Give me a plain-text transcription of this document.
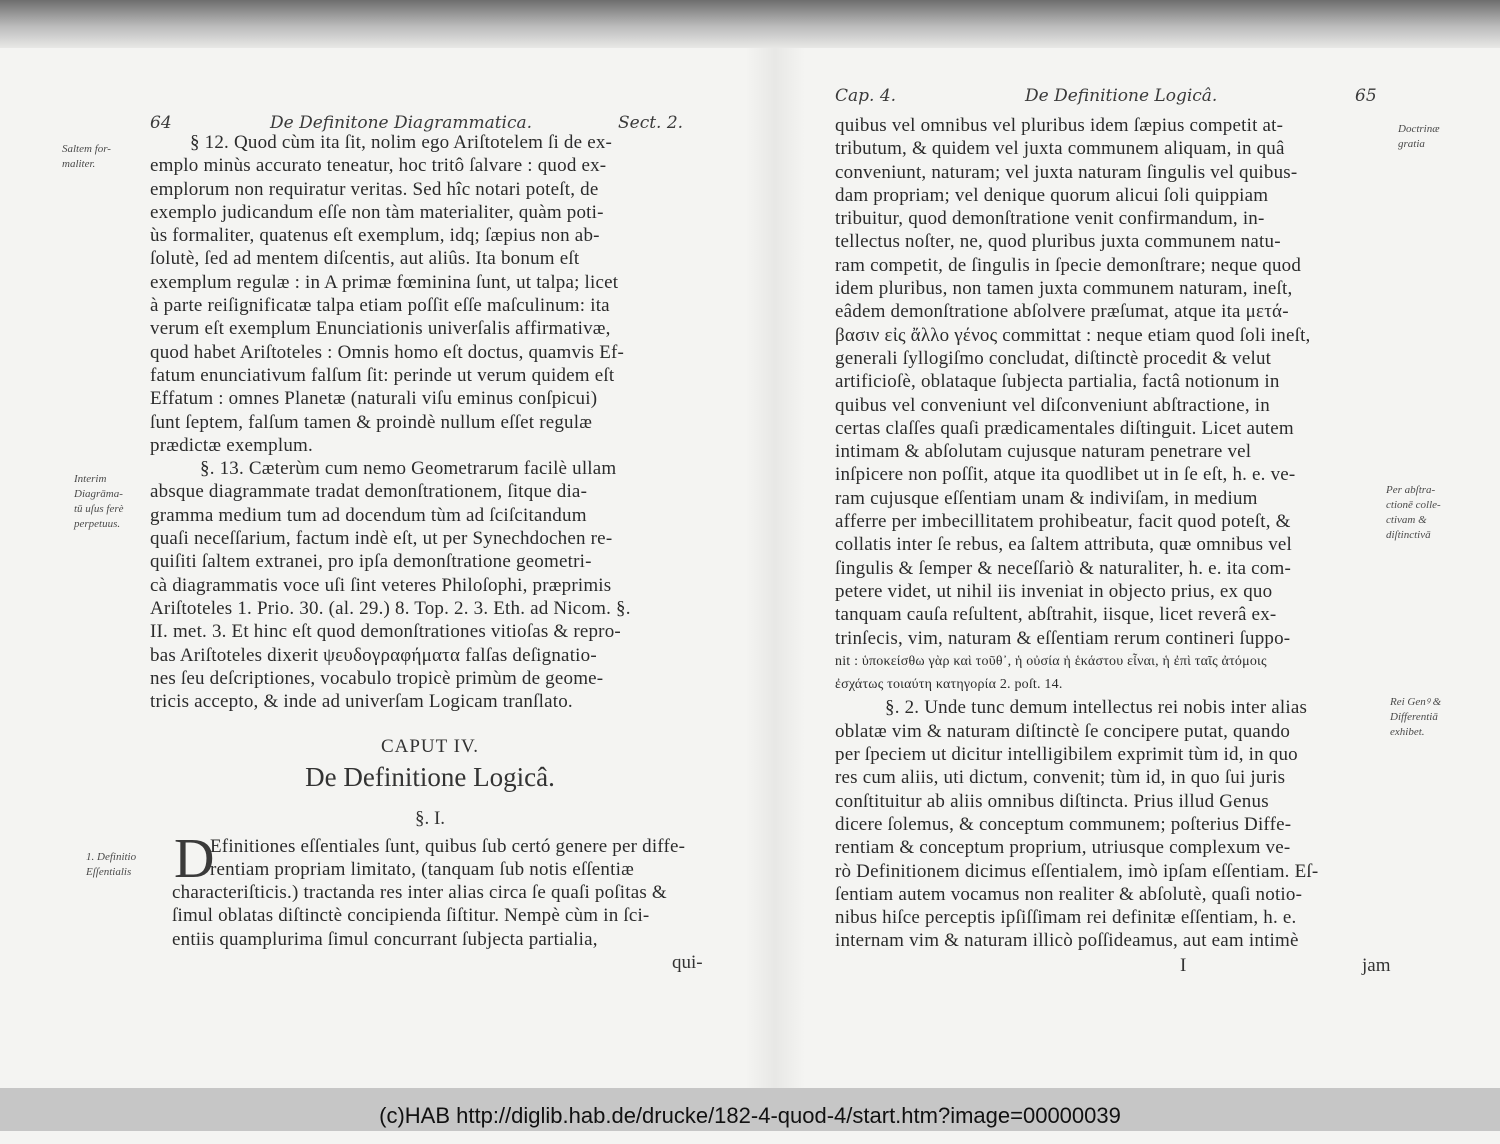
64	De Definitone Diagrammatica.	Sect. 2.
§ 12. Quod cùm ita ſit, nolim ego Ariſtotelem ſi de ex-
emplo minùs accurato teneatur, hoc tritô ſalvare : quod ex-
emplorum non requiratur veritas. Sed hîc notari poteſt, de
exemplo judicandum eſſe non tàm materialiter, quàm poti-
ùs formaliter, quatenus eſt exemplum, idq; ſæpius non ab-
ſolutè, ſed ad mentem diſcentis, aut aliûs. Ita bonum eſt
exemplum regulæ : in A primæ fœminina ſunt, ut talpa; licet
à parte reiſignificatæ talpa etiam poſſit eſſe maſculinum: ita
verum eſt exemplum Enunciationis univerſalis affirmativæ,
quod habet Ariſtoteles : Omnis homo eſt doctus, quamvis Ef-
fatum enunciativum falſum ſit: perinde ut verum quidem eſt
Effatum : omnes Planetæ (naturali viſu eminus conſpicui)
ſunt ſeptem, falſum tamen & proindè nullum eſſet regulæ
prædictæ exemplum.
§. 13. Cæterùm cum nemo Geometrarum facilè ullam
absque diagrammate tradat demonſtrationem, ſitque dia-
gramma medium tum ad docendum tùm ad ſciſcitandum
quaſi neceſſarium, factum indè eſt, ut per Synechdochen re-
quiſiti ſaltem extranei, pro ipſa demonſtratione geometri-
cà diagrammatis voce uſi ſint veteres Philoſophi, præprimis
Ariſtoteles 1. Prio. 30. (al. 29.) 8. Top. 2. 3. Eth. ad Nicom. §.
II. met. 3. Et hinc eſt quod demonſtrationes vitioſas & repro-
bas Ariſtoteles dixerit ψευδογραφήματα falſas deſignatio-
nes ſeu deſcriptiones, vocabulo tropicè primùm de geome-
tricis accepto, & inde ad univerſam Logicam tranſlato.
CAPUT IV.
De Definitione Logicâ.
§. I.
D
Efinitiones eſſentiales ſunt, quibus ſub certó genere per diffe-
rentiam propriam limitato, (tanquam ſub notis eſſentiæ
characteriſticis.) tractanda res inter alias circa ſe quaſi poſitas &
ſimul oblatas diſtinctè concipienda ſiſtitur. Nempè cùm in ſci-
entiis quamplurima ſimul concurrant ſubjecta partialia,
qui-
Saltem for-
maliter.
Interim
Diagrāma-
tū uſus ferè
perpetuus.
1. Definitio
Eſſentialis
Cap. 4.	De Definitione Logicâ.	65
quibus vel omnibus vel pluribus idem ſæpius competit at-
tributum, & quidem vel juxta communem aliquam, in quâ
conveniunt, naturam; vel juxta naturam ſingulis vel quibus-
dam propriam; vel denique quorum alicui ſoli quippiam
tribuitur, quod demonſtratione venit confirmandum, in-
tellectus noſter, ne, quod pluribus juxta communem natu-
ram competit, de ſingulis in ſpecie demonſtrare; neque quod
idem pluribus, non tamen juxta communem naturam, ineſt,
eâdem demonſtratione abſolvere præſumat, atque ita μετά-
βασιν εἰς ἄλλο γένος committat : neque etiam quod ſoli ineſt,
generali ſyllogiſmo concludat, diſtinctè procedit & velut
artificioſè, oblataque ſubjecta partialia, factâ notionum in
quibus vel conveniunt vel diſconveniunt abſtractione, in
certas claſſes quaſi prædicamentales diſtinguit. Licet autem
intimam & abſolutam cujusque naturam penetrare vel
inſpicere non poſſit, atque ita quodlibet ut in ſe eſt, h. e. ve-
ram cujusque eſſentiam unam & indiviſam, in medium
afferre per imbecillitatem prohibeatur, facit quod poteſt, &
collatis inter ſe rebus, ea ſaltem attributa, quæ omnibus vel
ſingulis & ſemper & neceſſariò & naturaliter, h. e. ita com-
petere videt, ut nihil iis inveniat in objecto prius, ex quo
tanquam cauſa reſultent, abſtrahit, iisque, licet reverâ ex-
trinſecis, vim, naturam & eſſentiam rerum contineri ſuppo-
nit : ὑποκείσθω γὰρ καὶ τοῦθ᾽, ἡ οὐσία ἡ ἑκάστου εἶναι, ἡ ἐπὶ ταῖς ἀτόμοις
ἐσχάτως τοιαύτη κατηγορία 2. poſt. 14.
§. 2. Unde tunc demum intellectus rei nobis inter alias
oblatæ vim & naturam diſtinctè ſe concipere putat, quando
per ſpeciem ut dicitur intelligibilem exprimit tùm id, in quo
res cum aliis, uti dictum, convenit; tùm id, in quo ſui juris
conſtituitur ab aliis omnibus diſtincta. Prius illud Genus
dicere ſolemus, & conceptum communem; poſterius Diffe-
rentiam & conceptum proprium, utriusque complexum ve-
rò Definitionem dicimus eſſentialem, imò ipſam eſſentiam. Eſ-
ſentiam autem vocamus non realiter & abſolutè, quaſi notio-
nibus hiſce perceptis ipſiſſimam rei definitæ eſſentiam, h. e.
internam vim & naturam illicò poſſideamus, aut eam intimè
I	jam
Doctrinæ
gratia
Per abſtra-
ctionē colle-
ctivam &
diſtinctivā
Rei Genꝰ &
Differentiā
exhibet.
(c)HAB http://diglib.hab.de/drucke/182-4-quod-4/start.htm?image=00000039
